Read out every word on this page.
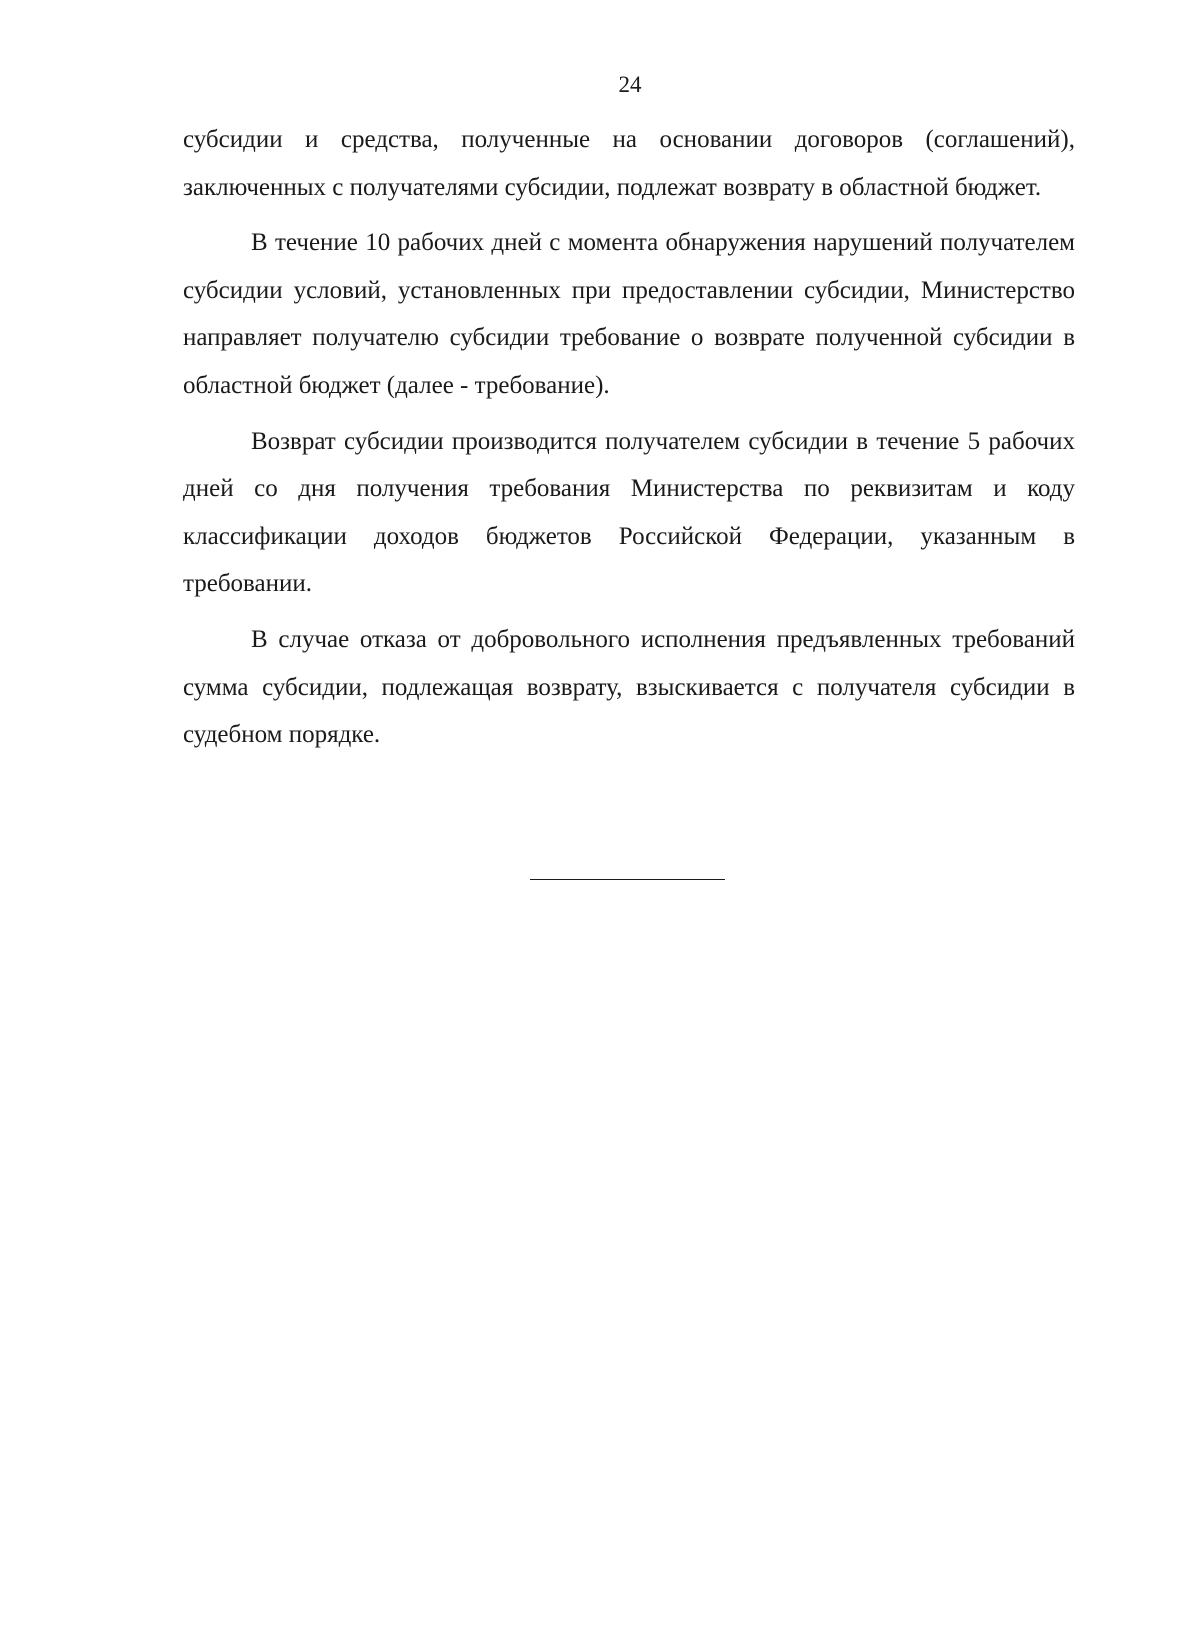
24

субсидии и средства, полученные на основании договоров (соглашений), заключенных с получателями субсидии, подлежат возврату в областной бюджет.

В течение 10 рабочих дней с момента обнаружения нарушений получателем субсидии условий, установленных при предоставлении субсидии, Министерство направляет получателю субсидии требование о возврате полученной субсидии в областной бюджет (далее - требование).

Возврат субсидии производится получателем субсидии в течение 5 рабочих дней со дня получения требования Министерства по реквизитам и коду классификации доходов бюджетов Российской Федерации, указанным в требовании.

В случае отказа от добровольного исполнения предъявленных требований сумма субсидии, подлежащая возврату, взыскивается с получателя субсидии в судебном порядке.
